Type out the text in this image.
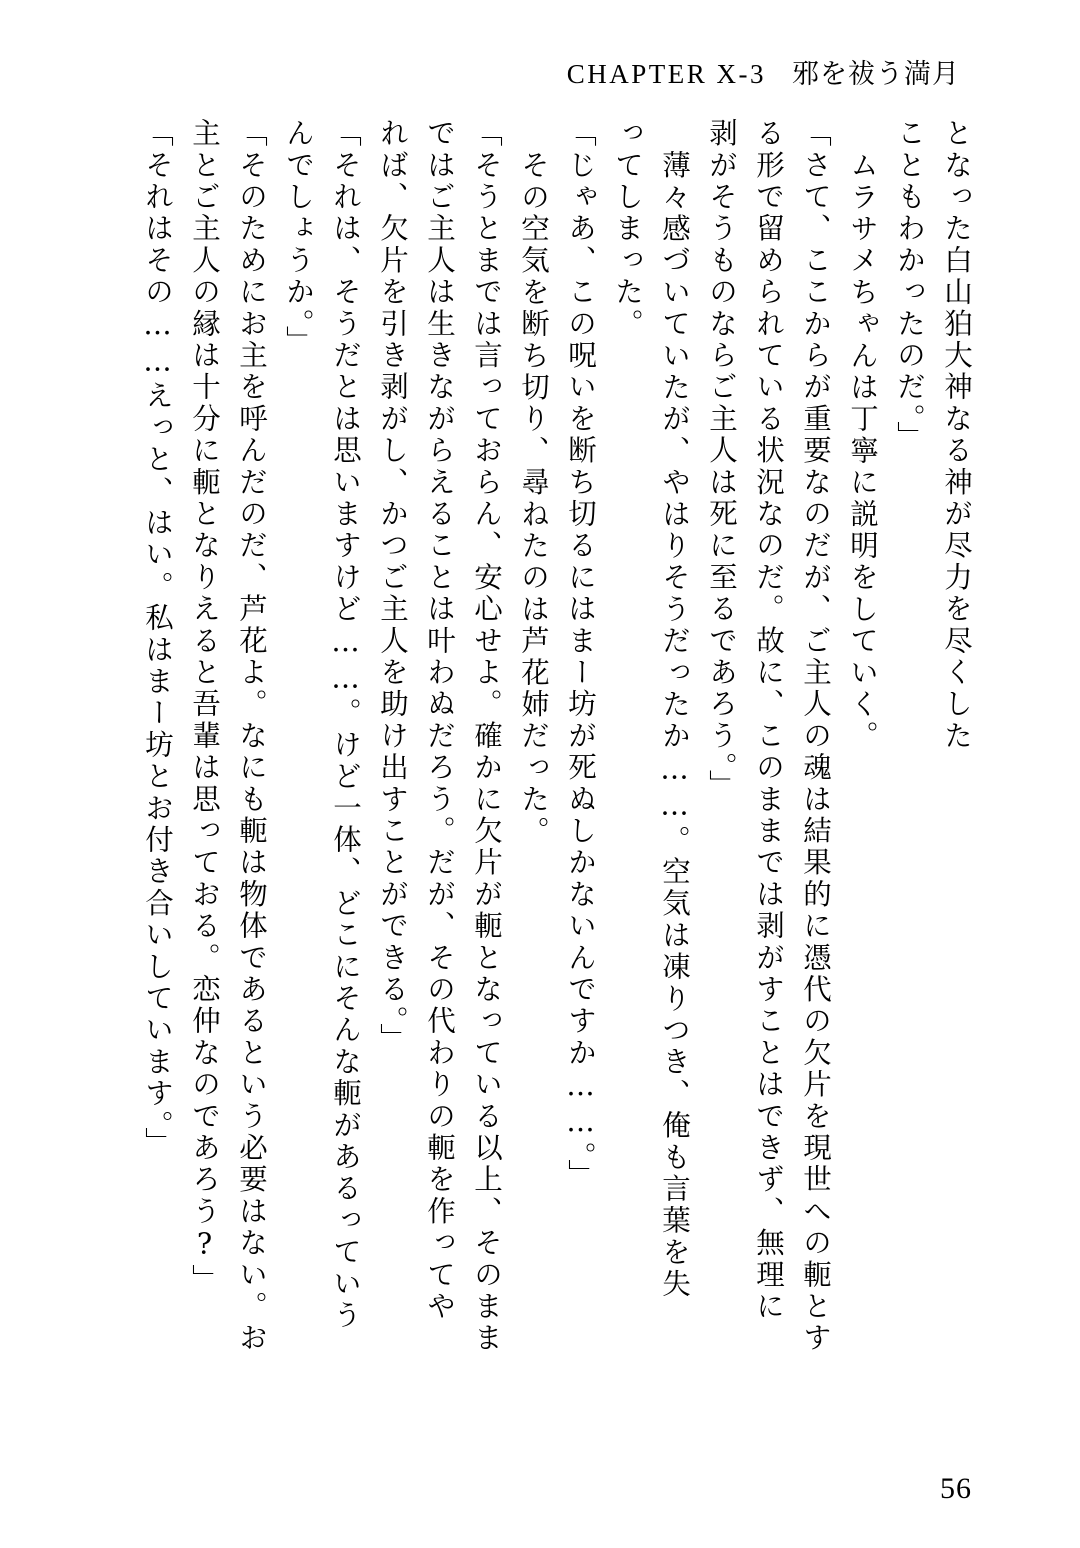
CHAPTER X-3 邪を祓う満月
となった白山狛大神なる神が尽力を尽くした
こともわかったのだ。」
ムラサメちゃんは丁寧に説明をしていく。
「さて、ここからが重要なのだが、ご主人の魂は結果的に憑代の欠片を現世への軛とす
る形で留められている状況なのだ。故に、このままでは剥がすことはできず、無理に
剥がそうものならご主人は死に至るであろう。」
薄々感づいていたが、やはりそうだったか……。空気は凍りつき、俺も言葉を失
ってしまった。
「じゃあ、この呪いを断ち切るにはまー坊が死ぬしかないんですか……。」
その空気を断ち切り、尋ねたのは芦花姉だった。
「そうとまでは言っておらん、安心せよ。確かに欠片が軛となっている以上、そのまま
ではご主人は生きながらえることは叶わぬだろう。だが、その代わりの軛を作ってや
れば、欠片を引き剥がし、かつご主人を助け出すことができる。」
「それは、そうだとは思いますけど……。けど一体、どこにそんな軛があるっていう
んでしょうか。」
「そのためにお主を呼んだのだ、芦花よ。なにも軛は物体であるという必要はない。お
主とご主人の縁は十分に軛となりえると吾輩は思っておる。恋仲なのであろう?」
「それはその……えっと、はい。私はまー坊とお付き合いしています。」
56
